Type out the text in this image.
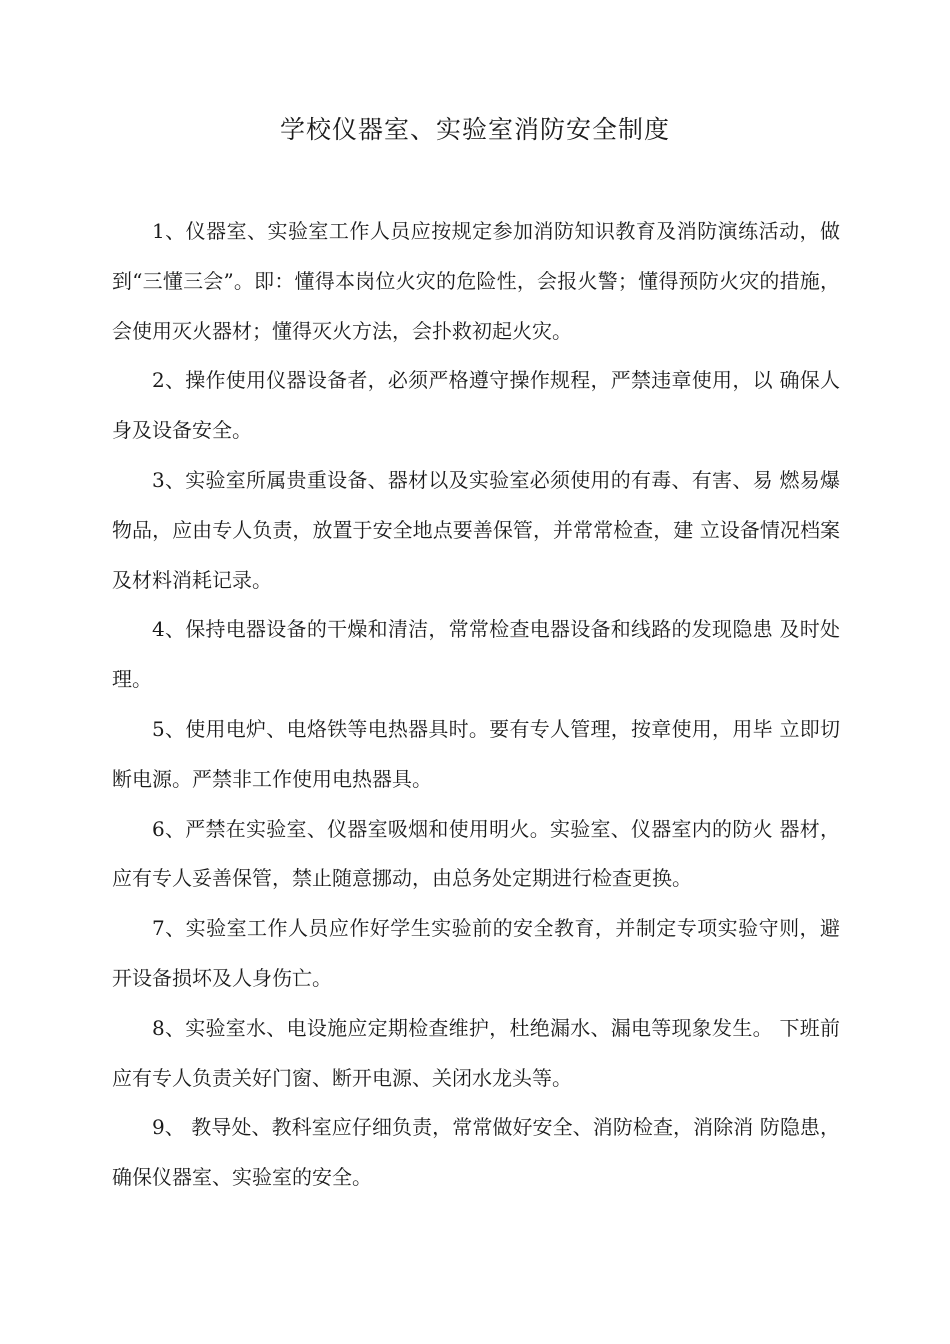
学校仪器室、实验室消防安全制度

1、仪器室、实验室工作人员应按规定参加消防知识教育及消防演练活动，做到“三懂三会”。即：懂得本岗位火灾的危险性，会报火警；懂得预防火灾的措施，会使用灭火器材；懂得灭火方法，会扑救初起火灾。

2、操作使用仪器设备者，必须严格遵守操作规程，严禁违章使用，以 确保人身及设备安全。

3、实验室所属贵重设备、器材以及实验室必须使用的有毒、有害、易 燃易爆物品，应由专人负责，放置于安全地点要善保管，并常常检查，建 立设备情况档案及材料消耗记录。

4、保持电器设备的干燥和清洁，常常检查电器设备和线路的发现隐患 及时处理。

5、使用电炉、电烙铁等电热器具时。要有专人管理，按章使用，用毕 立即切断电源。严禁非工作使用电热器具。

6、严禁在实验室、仪器室吸烟和使用明火。实验室、仪器室内的防火 器材，应有专人妥善保管，禁止随意挪动，由总务处定期进行检查更换。

7、实验室工作人员应作好学生实验前的安全教育，并制定专项实验守则，避开设备损坏及人身伤亡。

8、实验室水、电设施应定期检查维护，杜绝漏水、漏电等现象发生。 下班前应有专人负责关好门窗、断开电源、关闭水龙头等。

9、 教导处、教科室应仔细负责，常常做好安全、消防检查，消除消 防隐患，确保仪器室、实验室的安全。
